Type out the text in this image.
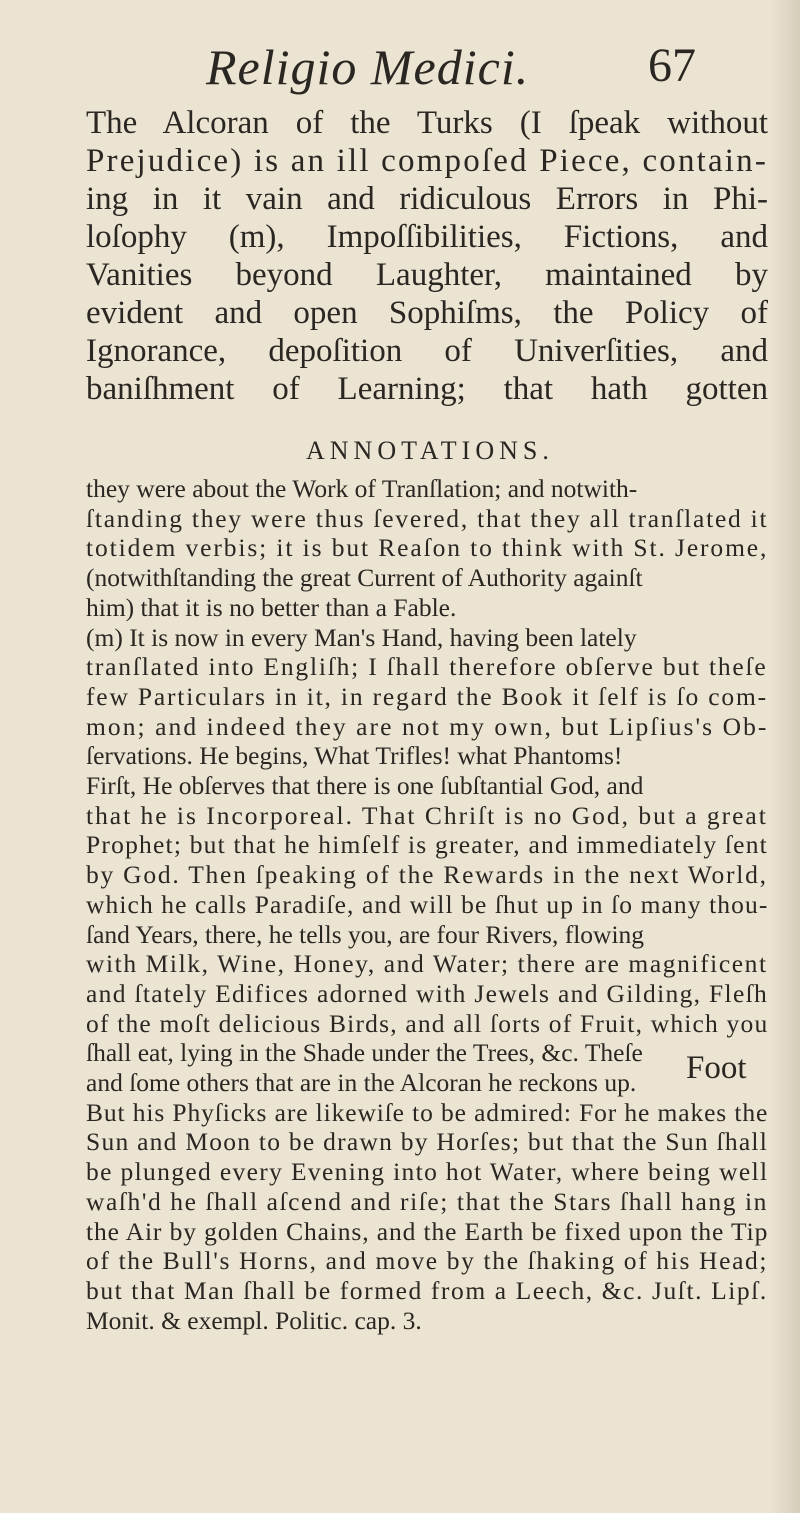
Religio Medici. 67
The Alcoran of the Turks (I ſpeak without
Prejudice) is an ill compoſed Piece, contain-
ing in it vain and ridiculous Errors in Phi-
loſophy (m), Impoſſibilities, Fictions, and
Vanities beyond Laughter, maintained by
evident and open Sophiſms, the Policy of
Ignorance, depoſition of Univerſities, and
baniſhment of Learning; that hath gotten
ANNOTATIONS.
they were about the Work of Tranſlation; and notwith-
ſtanding they were thus ſevered, that they all tranſlated it
totidem verbis; it is but Reaſon to think with St. Jerome,
(notwithſtanding the great Current of Authority againſt
him) that it is no better than a Fable.
(m) It is now in every Man's Hand, having been lately
tranſlated into Engliſh; I ſhall therefore obſerve but theſe
few Particulars in it, in regard the Book it ſelf is ſo com-
mon; and indeed they are not my own, but Lipſius's Ob-
ſervations. He begins, What Trifles! what Phantoms!
Firſt, He obſerves that there is one ſubſtantial God, and
that he is Incorporeal. That Chriſt is no God, but a great
Prophet; but that he himſelf is greater, and immediately ſent
by God. Then ſpeaking of the Rewards in the next World,
which he calls Paradiſe, and will be ſhut up in ſo many thou-
ſand Years, there, he tells you, are four Rivers, flowing
with Milk, Wine, Honey, and Water; there are magnificent
and ſtately Edifices adorned with Jewels and Gilding, Fleſh
of the moſt delicious Birds, and all ſorts of Fruit, which you
ſhall eat, lying in the Shade under the Trees, &c. Theſe
and ſome others that are in the Alcoran he reckons up.
But his Phyſicks are likewiſe to be admired: For he makes the
Sun and Moon to be drawn by Horſes; but that the Sun ſhall
be plunged every Evening into hot Water, where being well
waſh'd he ſhall aſcend and riſe; that the Stars ſhall hang in
the Air by golden Chains, and the Earth be fixed upon the Tip
of the Bull's Horns, and move by the ſhaking of his Head;
but that Man ſhall be formed from a Leech, &c. Juſt. Lipſ.
Monit. & exempl. Politic. cap. 3.
Foot
